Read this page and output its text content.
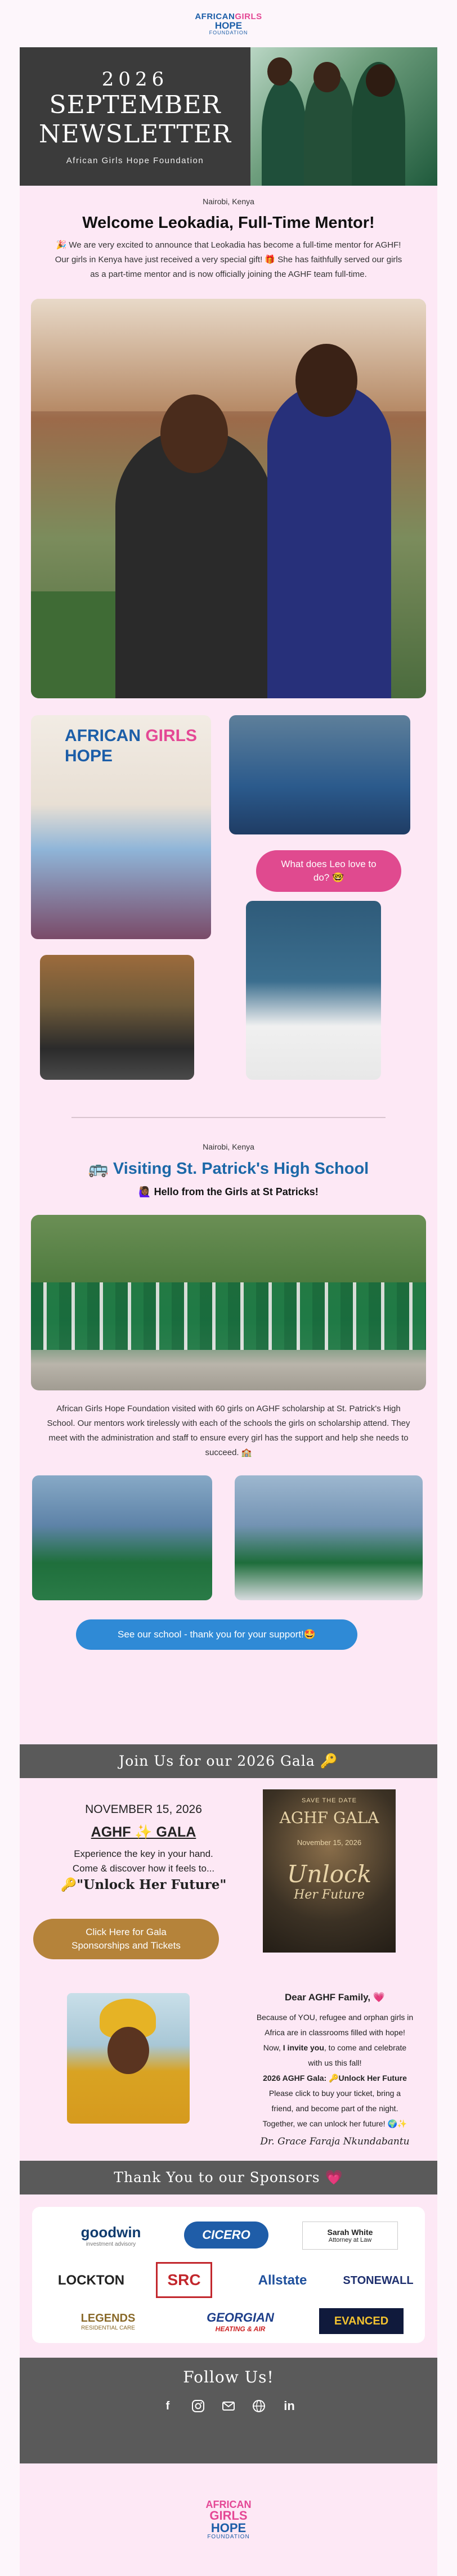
AFRICANGIRLS
HOPE
FOUNDATION
2026
SEPTEMBER
NEWSLETTER
African Girls Hope Foundation
Nairobi, Kenya
Welcome Leokadia, Full-Time Mentor!
🎉 We are very excited to announce that Leokadia has become a full-time mentor for AGHF! Our girls in Kenya have just received a very special gift! 🎁 She has faithfully served our girls as a part-time mentor and is now officially joining the AGHF team full-time.
AFRICAN GIRLS
HOPE
What does Leo love to do? 🤓
Nairobi, Kenya
🚌 Visiting St. Patrick's High School
🙋🏾‍♀️ Hello from the Girls at St Patricks!
African Girls Hope Foundation visited with 60 girls on AGHF scholarship at St. Patrick's High School. Our mentors work tirelessly with each of the schools the girls on scholarship attend. They meet with the administration and staff to ensure every girl has the support and help she needs to succeed. 🏫
See our school - thank you for your support!🤩
Join Us for our 2026 Gala 🔑
NOVEMBER 15, 2026
AGHF ✨ GALA
Experience the key in your hand.
Come & discover how it feels to...
🔑"Unlock Her Future"
Click Here for Gala Sponsorships and Tickets
SAVE THE DATE
AGHF GALA
November 15, 2026
Unlock
Her Future
Dear AGHF Family, 💗
Because of YOU, refugee and orphan girls in
Africa are in classrooms filled with hope!
Now, I invite you, to come and celebrate
with us this fall!
2026 AGHF Gala: 🔑Unlock Her Future
Please click to buy your ticket, bring a
friend, and become part of the night.
Together, we can unlock her future! 🌍✨
Dr. Grace Faraja Nkundabantu
Thank You to our Sponsors 💗
goodwin
investment advisory
CICERO	Sarah White
Attorney at Law
LOCKTON	SRC	Allstate	STONEWALL
LEGENDS
RESIDENTIAL CARE
GEORGIAN
HEATING & AIR
EVANCED
Follow Us!
f	in
AFRICAN
GIRLS
HOPE
FOUNDATION
